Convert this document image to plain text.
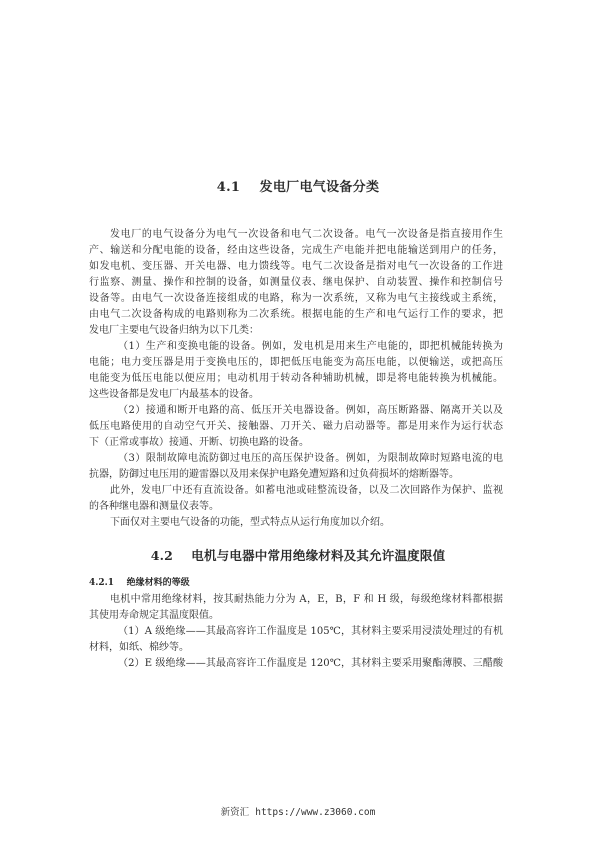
4.1    发电厂电气设备分类
发电厂的电气设备分为电气一次设备和电气二次设备。电气一次设备是指直接用作生
产、输送和分配电能的设备，经由这些设备，完成生产电能并把电能输送到用户的任务，
如发电机、变压器、开关电器、电力馈线等。电气二次设备是指对电气一次设备的工作进
行监察、测量、操作和控制的设备，如测量仪表、继电保护、自动装置、操作和控制信号
设备等。由电气一次设备连接组成的电路，称为一次系统，又称为电气主接线或主系统，
由电气二次设备构成的电路则称为二次系统。根据电能的生产和电气运行工作的要求，把
发电厂主要电气设备归纳为以下几类：
（1）生产和变换电能的设备。例如，发电机是用来生产电能的，即把机械能转换为
电能；电力变压器是用于变换电压的，即把低压电能变为高压电能，以便输送，或把高压
电能变为低压电能以便应用；电动机用于转动各种辅助机械，即是将电能转换为机械能。
这些设备都是发电厂内最基本的设备。
（2）接通和断开电路的高、低压开关电器设备。例如，高压断路器、隔离开关以及
低压电路使用的自动空气开关、接触器、刀开关、磁力启动器等。都是用来作为运行状态
下（正常或事故）接通、开断、切换电路的设备。
（3）限制故障电流防御过电压的高压保护设备。例如，为限制故障时短路电流的电
抗器，防御过电压用的避雷器以及用来保护电路免遭短路和过负荷损坏的熔断器等。
此外，发电厂中还有直流设备。如蓄电池或硅整流设备，以及二次回路作为保护、监视
的各种继电器和测量仪表等。
下面仅对主要电气设备的功能，型式特点从运行角度加以介绍。
4.2    电机与电器中常用绝缘材料及其允许温度限值
4.2.1    绝缘材料的等级
电机中常用绝缘材料，按其耐热能力分为 A，E，B，F 和 H 级，每级绝缘材料都根据
其使用寿命规定其温度限值。
（1）A 级绝缘——其最高容许工作温度是 105℃，其材料主要采用浸渍处理过的有机
材料，如纸、棉纱等。
（2）E 级绝缘——其最高容许工作温度是 120℃，其材料主要采用聚酯薄膜、三醋酸
新资汇 https://www.z3060.com
